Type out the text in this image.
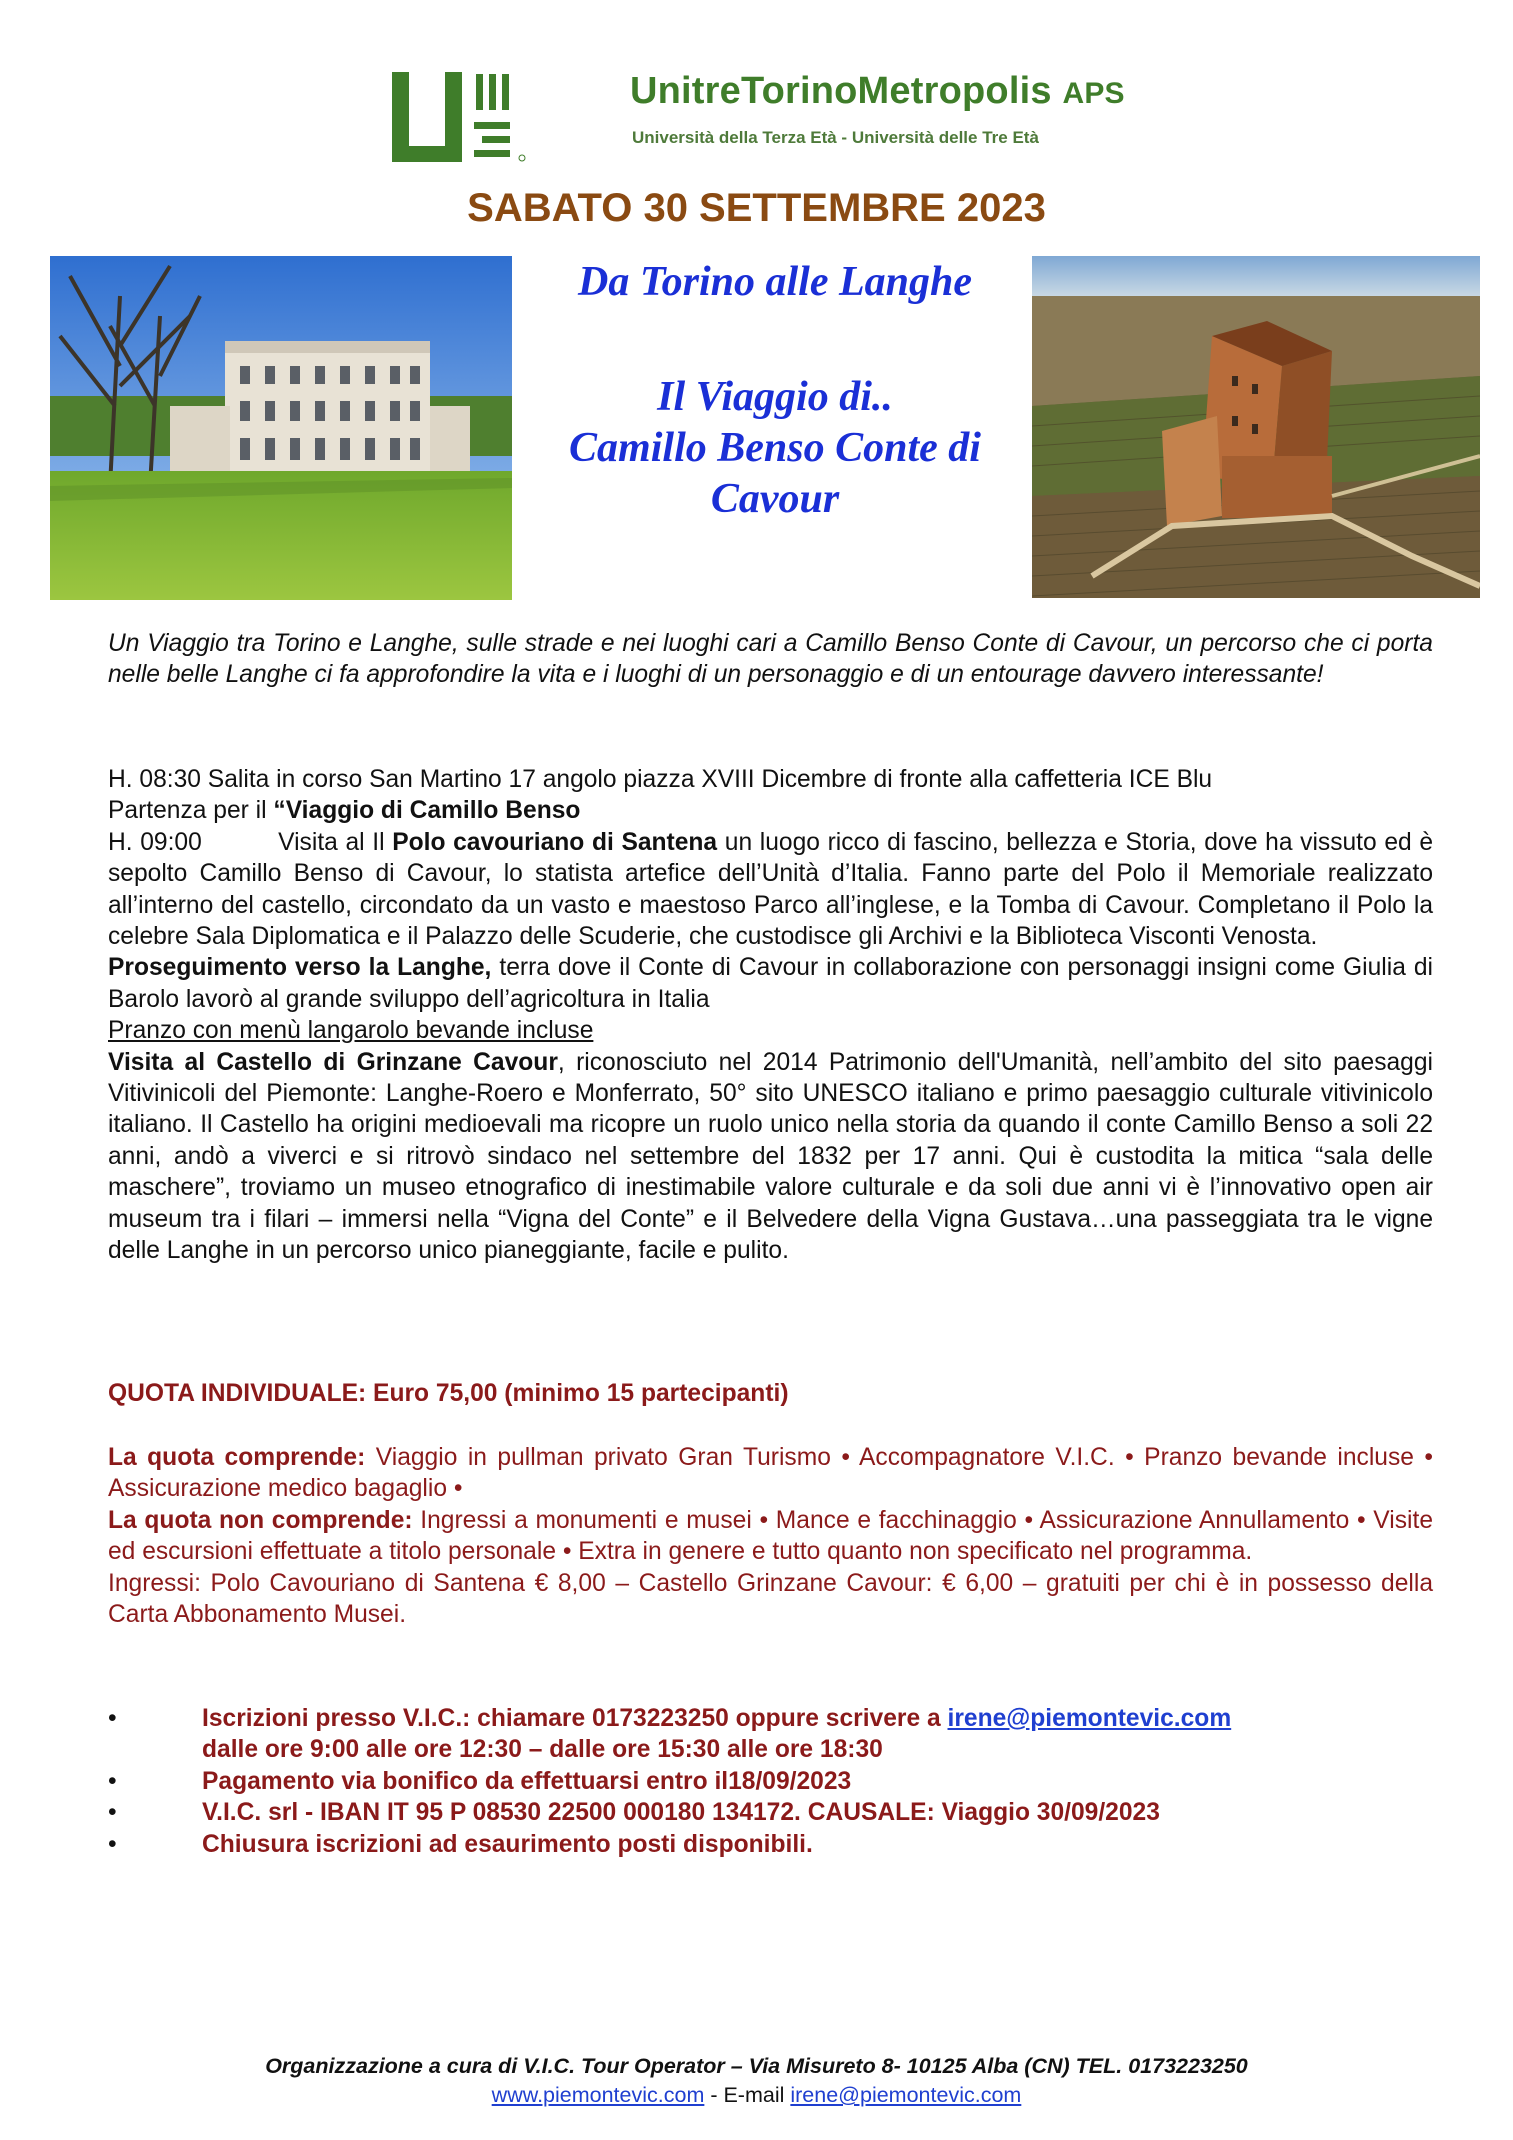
UnitreTorinoMetropolis APS
Università della Terza Età - Università delle Tre Età
SABATO 30 SETTEMBRE 2023
Da Torino alle Langhe
Il Viaggio di..
Camillo Benso Conte di
Cavour

Un Viaggio tra Torino e Langhe, sulle strade e nei luoghi cari a Camillo Benso Conte di Cavour, un percorso che ci porta nelle belle Langhe ci fa approfondire la vita e i luoghi di un personaggio e di un entourage davvero interessante!

H. 08:30 Salita in corso San Martino 17 angolo piazza XVIII Dicembre di fronte alla caffetteria ICE Blu

Partenza per il “Viaggio di Camillo Benso

H. 09:00          Visita al Il Polo cavouriano di Santena un luogo ricco di fascino, bellezza e Storia, dove ha vissuto ed è sepolto Camillo Benso di Cavour, lo statista artefice dell’Unità d’Italia. Fanno parte del Polo il Memoriale realizzato all’interno del castello, circondato da un vasto e maestoso Parco all’inglese, e la Tomba di Cavour. Completano il Polo la celebre Sala Diplomatica e il Palazzo delle Scuderie, che custodisce gli Archivi e la Biblioteca Visconti Venosta.

Proseguimento verso la Langhe, terra dove il Conte di Cavour in collaborazione con personaggi insigni come Giulia di Barolo lavorò al grande sviluppo dell’agricoltura in Italia

Pranzo con menù langarolo bevande incluse

Visita al Castello di Grinzane Cavour, riconosciuto nel 2014 Patrimonio dell'Umanità, nell’ambito del sito paesaggi Vitivinicoli del Piemonte: Langhe-Roero e Monferrato, 50° sito UNESCO italiano e primo paesaggio culturale vitivinicolo italiano. Il Castello ha origini medioevali ma ricopre un ruolo unico nella storia da quando il conte Camillo Benso a soli 22 anni, andò a viverci e si ritrovò sindaco nel settembre del 1832 per 17 anni. Qui è custodita la mitica “sala delle maschere”, troviamo un museo etnografico di inestimabile valore culturale e da soli due anni vi è l’innovativo open air museum tra i filari – immersi nella “Vigna del Conte” e il Belvedere della Vigna Gustava…una passeggiata tra le vigne delle Langhe in un percorso unico pianeggiante, facile e pulito.

QUOTA INDIVIDUALE: Euro 75,00 (minimo 15 partecipanti)

La quota comprende: Viaggio in pullman privato Gran Turismo • Accompagnatore V.I.C. • Pranzo bevande incluse • Assicurazione medico bagaglio •

La quota non comprende: Ingressi a monumenti e musei • Mance e facchinaggio • Assicurazione Annullamento • Visite ed escursioni effettuate a titolo personale • Extra in genere e tutto quanto non specificato nel programma.

Ingressi: Polo Cavouriano di Santena € 8,00 – Castello Grinzane Cavour: € 6,00 – gratuiti per chi è in possesso della Carta Abbonamento Musei.

•	Iscrizioni presso V.I.C.: chiamare 0173223250 oppure scrivere a irene@piemontevic.com
dalle ore 9:00 alle ore 12:30 – dalle ore 15:30 alle ore 18:30
•	Pagamento via bonifico da effettuarsi entro il18/09/2023
•	V.I.C. srl - IBAN IT 95 P 08530 22500 000180 134172. CAUSALE: Viaggio 30/09/2023
•	Chiusura iscrizioni ad esaurimento posti disponibili.
Organizzazione a cura di V.I.C. Tour Operator – Via Misureto 8- 10125 Alba (CN) TEL. 0173223250
www.piemontevic.com - E-mail irene@piemontevic.com
